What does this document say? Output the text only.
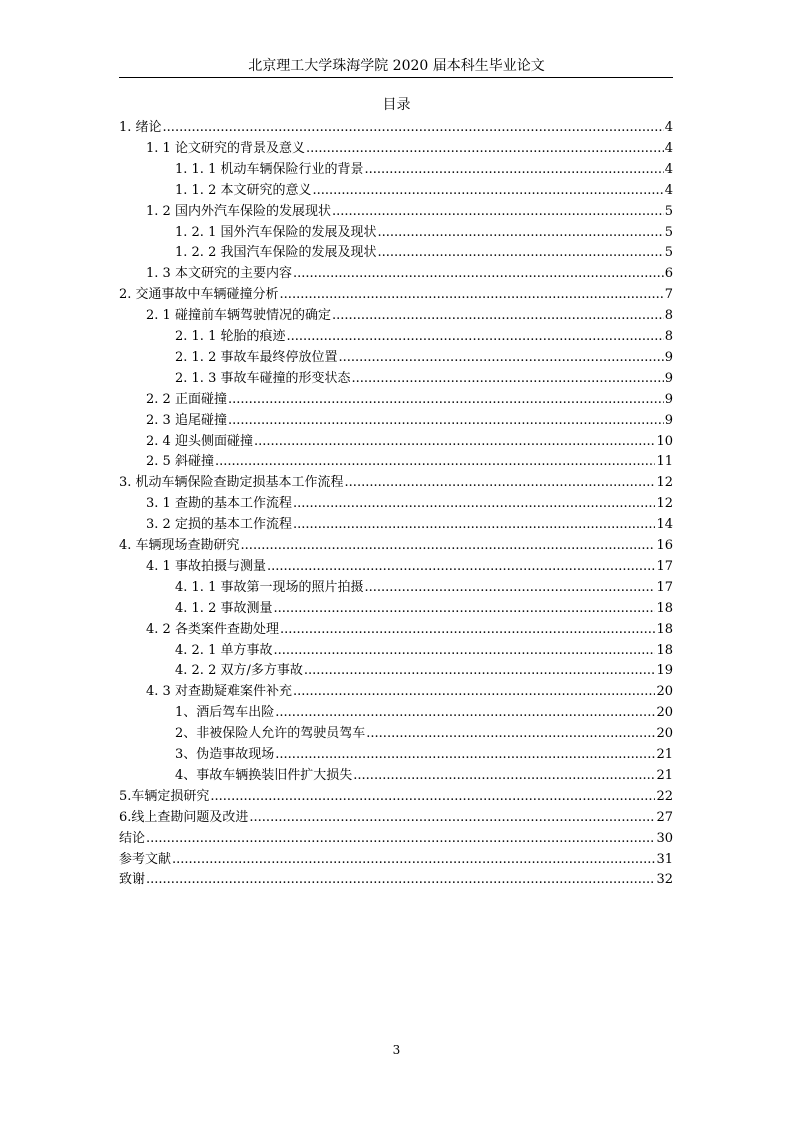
北京理工大学珠海学院 2020 届本科生毕业论文
目录
1. 绪论 .....	4
1. 1 论文研究的背景及意义 .....	4
1. 1. 1 机动车辆保险行业的背景 .....	4
1. 1. 2 本文研究的意义 .....	4
1. 2 国内外汽车保险的发展现状 .....	5
1. 2. 1 国外汽车保险的发展及现状 .....	5
1. 2. 2 我国汽车保险的发展及现状 .....	5
1. 3 本文研究的主要内容 .....	6
2. 交通事故中车辆碰撞分析 .....	7
2. 1 碰撞前车辆驾驶情况的确定 .....	8
2. 1. 1 轮胎的痕迹 .....	8
2. 1. 2 事故车最终停放位置 .....	9
2. 1. 3 事故车碰撞的形变状态 .....	9
2. 2 正面碰撞 .....	9
2. 3 追尾碰撞 .....	9
2. 4 迎头侧面碰撞 .....	10
2. 5 斜碰撞 .....	11
3. 机动车辆保险查勘定损基本工作流程 .....	12
3. 1 查勘的基本工作流程 .....	12
3. 2 定损的基本工作流程 .....	14
4. 车辆现场查勘研究 .....	16
4. 1 事故拍摄与测量 .....	17
4. 1. 1 事故第一现场的照片拍摄 .....	17
4. 1. 2 事故测量 .....	18
4. 2 各类案件查勘处理 .....	18
4. 2. 1 单方事故 .....	18
4. 2. 2 双方/多方事故 .....	19
4. 3 对查勘疑难案件补充 .....	20
1、酒后驾车出险 .....	20
2、非被保险人允许的驾驶员驾车 .....	20
3、伪造事故现场 .....	21
4、事故车辆换装旧件扩大损失 .....	21
5.车辆定损研究 .....	22
6.线上查勘问题及改进 .....	27
结论 .....	30
参考文献 .....	31
致谢 .....	32
3
